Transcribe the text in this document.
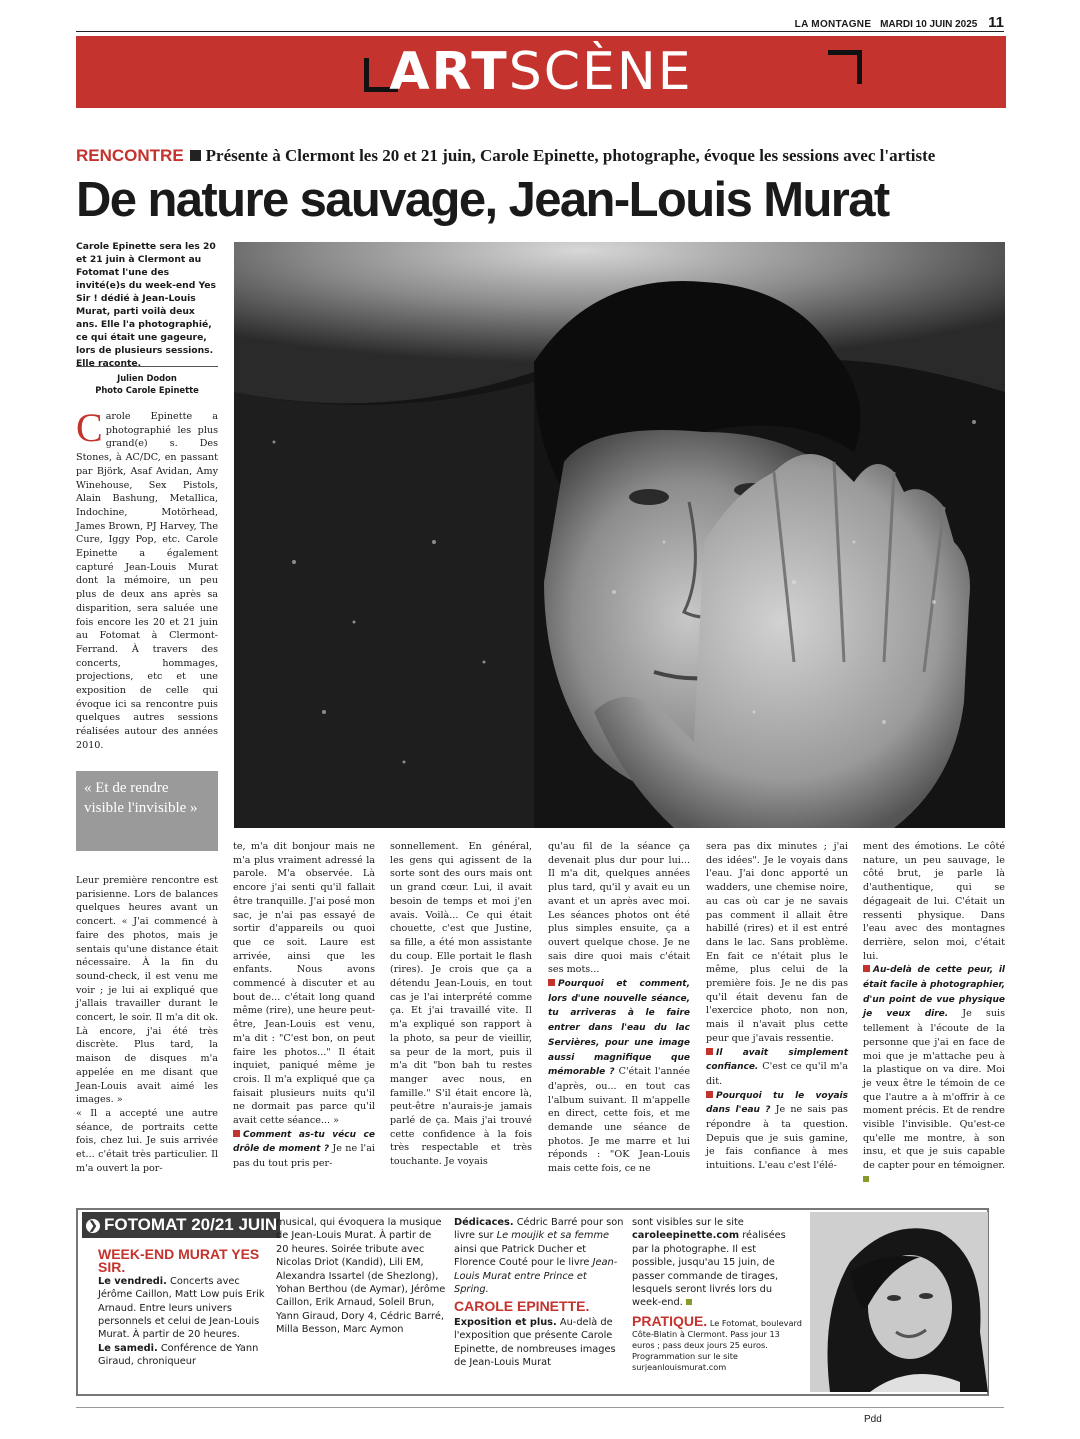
LA MONTAGNE MARDI 10 JUIN 2025 11
ARTSCÈNE
RENCONTRE Présente à Clermont les 20 et 21 juin, Carole Epinette, photographe, évoque les sessions avec l'artiste
De nature sauvage, Jean-Louis Murat
Carole Epinette sera les 20 et 21 juin à Clermont au Fotomat l'une des invité(e)s du week-end Yes Sir ! dédié à Jean-Louis Murat, parti voilà deux ans. Elle l'a photographié, ce qui était une gageure, lors de plusieurs sessions. Elle raconte.
Julien Dodon
Photo Carole Epinette
Carole Epinette a photographié les plus grand(e) s. Des Stones, à AC/DC, en passant par Björk, Asaf Avidan, Amy Winehouse, Sex Pistols, Alain Bashung, Metallica, Indochine, Motörhead, James Brown, PJ Harvey, The Cure, Iggy Pop, etc. Carole Epinette a également capturé Jean-Louis Murat dont la mémoire, un peu plus de deux ans après sa disparition, sera saluée une fois encore les 20 et 21 juin au Fotomat à Clermont-Ferrand. À travers des concerts, hommages, projections, etc et une exposition de celle qui évoque ici sa rencontre puis quelques autres sessions réalisées autour des années 2010.
« Et de rendre visible l'invisible »

Leur première rencontre est parisienne. Lors de balances quelques heures avant un concert. « J'ai commencé à faire des photos, mais je sentais qu'une distance était nécessaire. À la fin du sound-check, il est venu me voir ; je lui ai expliqué que j'allais travailler durant le concert, le soir. Il m'a dit ok. Là encore, j'ai été très discrète. Plus tard, la maison de disques m'a appelée en me disant que Jean-Louis avait aimé les images. »

« Il a accepté une autre séance, de portraits cette fois, chez lui. Je suis arrivée et... c'était très particulier. Il m'a ouvert la por-

te, m'a dit bonjour mais ne m'a plus vraiment adressé la parole. M'a observée. Là encore j'ai senti qu'il fallait être tranquille. J'ai posé mon sac, je n'ai pas essayé de sortir d'appareils ou quoi que ce soit. Laure est arrivée, ainsi que les enfants. Nous avons commencé à discuter et au bout de... c'était long quand même (rire), une heure peut-être, Jean-Louis est venu, m'a dit : "C'est bon, on peut faire les photos..." Il était inquiet, paniqué même je crois. Il m'a expliqué que ça faisait plusieurs nuits qu'il ne dormait pas parce qu'il avait cette séance... »

Comment as-tu vécu ce drôle de moment ? Je ne l'ai pas du tout pris per-

sonnellement. En général, les gens qui agissent de la sorte sont des ours mais ont un grand cœur. Lui, il avait besoin de temps et moi j'en avais. Voilà... Ce qui était chouette, c'est que Justine, sa fille, a été mon assistante du coup. Elle portait le flash (rires). Je crois que ça a détendu Jean-Louis, en tout cas je l'ai interprété comme ça. Et j'ai travaillé vite. Il m'a expliqué son rapport à la photo, sa peur de vieillir, sa peur de la mort, puis il m'a dit "bon bah tu restes manger avec nous, en famille." S'il était encore là, peut-être n'aurais-je jamais parlé de ça. Mais j'ai trouvé cette confidence à la fois très respectable et très touchante. Je voyais

qu'au fil de la séance ça devenait plus dur pour lui... Il m'a dit, quelques années plus tard, qu'il y avait eu un avant et un après avec moi. Les séances photos ont été plus simples ensuite, ça a ouvert quelque chose. Je ne sais dire quoi mais c'était ses mots...

Pourquoi et comment, lors d'une nouvelle séance, tu arriveras à le faire entrer dans l'eau du lac Servières, pour une image aussi magnifique que mémorable ? C'était l'année d'après, ou... en tout cas l'album suivant. Il m'appelle en direct, cette fois, et me demande une séance de photos. Je me marre et lui réponds : "OK Jean-Louis mais cette fois, ce ne

sera pas dix minutes ; j'ai des idées". Je le voyais dans l'eau. J'ai donc apporté un wadders, une chemise noire, au cas où car je ne savais pas comment il allait être habillé (rires) et il est entré dans le lac. Sans problème. En fait ce n'était plus le même, plus celui de la première fois. Je ne dis pas qu'il était devenu fan de l'exercice photo, non non, mais il n'avait plus cette peur que j'avais ressentie.

Il avait simplement confiance. C'est ce qu'il m'a dit.

Pourquoi tu le voyais dans l'eau ? Je ne sais pas répondre à ta question. Depuis que je suis gamine, je fais confiance à mes intuitions. L'eau c'est l'élé-

ment des émotions. Le côté nature, un peu sauvage, le côté brut, je parle là d'authentique, qui se dégageait de lui. C'était un ressenti physique. Dans l'eau avec des montagnes derrière, selon moi, c'était lui.

Au-delà de cette peur, il était facile à photographier, d'un point de vue physique je veux dire. Je suis tellement à l'écoute de la personne que j'ai en face de moi que je m'attache peu à la plastique on va dire. Moi je veux être le témoin de ce que l'autre a à m'offrir à ce moment précis. Et de rendre visible l'invisible. Qu'est-ce qu'elle me montre, à son insu, et que je suis capable de capter pour en témoigner.

❯ FOTOMAT 20/21 JUIN
WEEK-END MURAT YES SIR.
Le vendredi. Concerts avec Jérôme Caillon, Matt Low puis Erik Arnaud. Entre leurs univers personnels et celui de Jean-Louis Murat. À partir de 20 heures.
Le samedi. Conférence de Yann Giraud, chroniqueur
musical, qui évoquera la musique de Jean-Louis Murat. À partir de 20 heures. Soirée tribute avec Nicolas Driot (Kandid), Lili EM, Alexandra Issartel (de Shezlong), Yohan Berthou (de Aymar), Jérôme Caillon, Erik Arnaud, Soleil Brun, Yann Giraud, Dory 4, Cédric Barré, Milla Besson, Marc Aymon
Dédicaces. Cédric Barré pour son livre sur Le moujik et sa femme ainsi que Patrick Ducher et Florence Couté pour le livre Jean-Louis Murat entre Prince et Spring.
CAROLE EPINETTE. Exposition et plus. Au-delà de l'exposition que présente Carole Epinette, de nombreuses images de Jean-Louis Murat
sont visibles sur le site caroleepinette.com réalisées par la photographe. Il est possible, jusqu'au 15 juin, de passer commande de tirages, lesquels seront livrés lors du week-end.
PRATIQUE. Le Fotomat, boulevard Côte-Blatin à Clermont. Pass jour 13 euros ; pass deux jours 25 euros. Programmation sur le site surjeanlouismurat.com
Pdd
